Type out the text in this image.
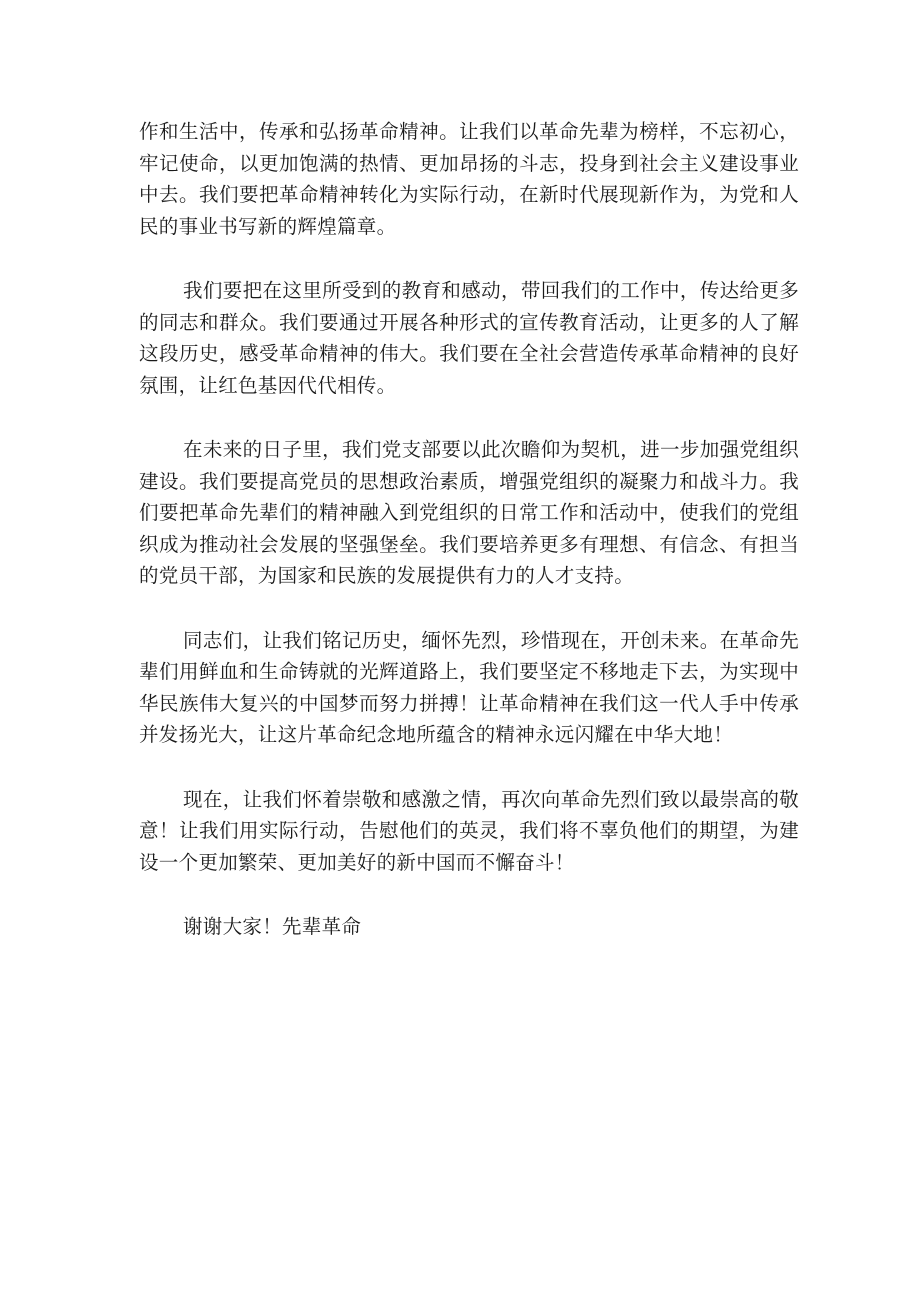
作和生活中，传承和弘扬革命精神。让我们以革命先辈为榜样，不忘初心，牢记使命，以更加饱满的热情、更加昂扬的斗志，投身到社会主义建设事业中去。我们要把革命精神转化为实际行动，在新时代展现新作为，为党和人民的事业书写新的辉煌篇章。

我们要把在这里所受到的教育和感动，带回我们的工作中，传达给更多的同志和群众。我们要通过开展各种形式的宣传教育活动，让更多的人了解这段历史，感受革命精神的伟大。我们要在全社会营造传承革命精神的良好氛围，让红色基因代代相传。

在未来的日子里，我们党支部要以此次瞻仰为契机，进一步加强党组织建设。我们要提高党员的思想政治素质，增强党组织的凝聚力和战斗力。我们要把革命先辈们的精神融入到党组织的日常工作和活动中，使我们的党组织成为推动社会发展的坚强堡垒。我们要培养更多有理想、有信念、有担当的党员干部，为国家和民族的发展提供有力的人才支持。

同志们，让我们铭记历史，缅怀先烈，珍惜现在，开创未来。在革命先辈们用鲜血和生命铸就的光辉道路上，我们要坚定不移地走下去，为实现中华民族伟大复兴的中国梦而努力拼搏！让革命精神在我们这一代人手中传承并发扬光大，让这片革命纪念地所蕴含的精神永远闪耀在中华大地！

现在，让我们怀着崇敬和感激之情，再次向革命先烈们致以最崇高的敬意！让我们用实际行动，告慰他们的英灵，我们将不辜负他们的期望，为建设一个更加繁荣、更加美好的新中国而不懈奋斗！

谢谢大家！先辈革命
